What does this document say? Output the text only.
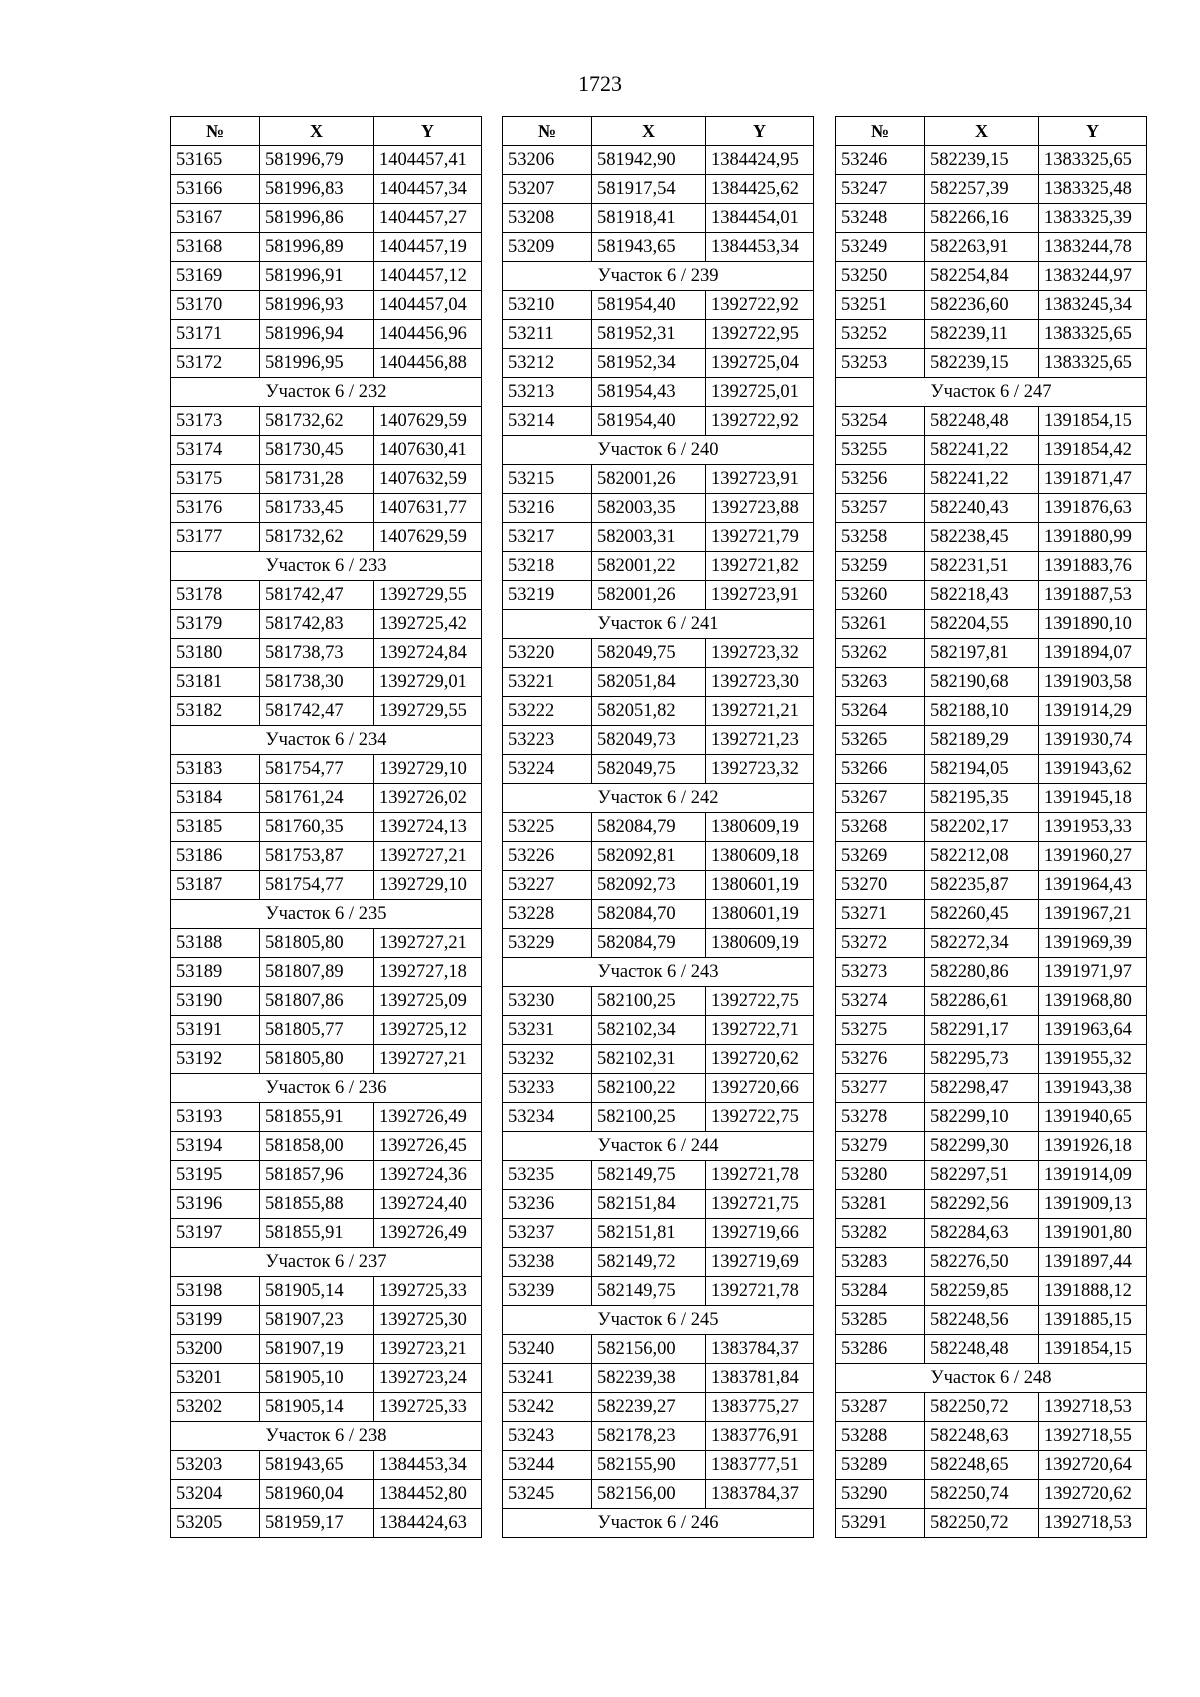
1723
№	X	Y
53165	581996,79	1404457,41
53166	581996,83	1404457,34
53167	581996,86	1404457,27
53168	581996,89	1404457,19
53169	581996,91	1404457,12
53170	581996,93	1404457,04
53171	581996,94	1404456,96
53172	581996,95	1404456,88
Участок 6 / 232		
53173	581732,62	1407629,59
53174	581730,45	1407630,41
53175	581731,28	1407632,59
53176	581733,45	1407631,77
53177	581732,62	1407629,59
Участок 6 / 233		
53178	581742,47	1392729,55
53179	581742,83	1392725,42
53180	581738,73	1392724,84
53181	581738,30	1392729,01
53182	581742,47	1392729,55
Участок 6 / 234		
53183	581754,77	1392729,10
53184	581761,24	1392726,02
53185	581760,35	1392724,13
53186	581753,87	1392727,21
53187	581754,77	1392729,10
Участок 6 / 235		
53188	581805,80	1392727,21
53189	581807,89	1392727,18
53190	581807,86	1392725,09
53191	581805,77	1392725,12
53192	581805,80	1392727,21
Участок 6 / 236		
53193	581855,91	1392726,49
53194	581858,00	1392726,45
53195	581857,96	1392724,36
53196	581855,88	1392724,40
53197	581855,91	1392726,49
Участок 6 / 237		
53198	581905,14	1392725,33
53199	581907,23	1392725,30
53200	581907,19	1392723,21
53201	581905,10	1392723,24
53202	581905,14	1392725,33
Участок 6 / 238		
53203	581943,65	1384453,34
53204	581960,04	1384452,80
53205	581959,17	1384424,63
№	X	Y
53206	581942,90	1384424,95
53207	581917,54	1384425,62
53208	581918,41	1384454,01
53209	581943,65	1384453,34
Участок 6 / 239		
53210	581954,40	1392722,92
53211	581952,31	1392722,95
53212	581952,34	1392725,04
53213	581954,43	1392725,01
53214	581954,40	1392722,92
Участок 6 / 240		
53215	582001,26	1392723,91
53216	582003,35	1392723,88
53217	582003,31	1392721,79
53218	582001,22	1392721,82
53219	582001,26	1392723,91
Участок 6 / 241		
53220	582049,75	1392723,32
53221	582051,84	1392723,30
53222	582051,82	1392721,21
53223	582049,73	1392721,23
53224	582049,75	1392723,32
Участок 6 / 242		
53225	582084,79	1380609,19
53226	582092,81	1380609,18
53227	582092,73	1380601,19
53228	582084,70	1380601,19
53229	582084,79	1380609,19
Участок 6 / 243		
53230	582100,25	1392722,75
53231	582102,34	1392722,71
53232	582102,31	1392720,62
53233	582100,22	1392720,66
53234	582100,25	1392722,75
Участок 6 / 244		
53235	582149,75	1392721,78
53236	582151,84	1392721,75
53237	582151,81	1392719,66
53238	582149,72	1392719,69
53239	582149,75	1392721,78
Участок 6 / 245		
53240	582156,00	1383784,37
53241	582239,38	1383781,84
53242	582239,27	1383775,27
53243	582178,23	1383776,91
53244	582155,90	1383777,51
53245	582156,00	1383784,37
Участок 6 / 246		
№	X	Y
53246	582239,15	1383325,65
53247	582257,39	1383325,48
53248	582266,16	1383325,39
53249	582263,91	1383244,78
53250	582254,84	1383244,97
53251	582236,60	1383245,34
53252	582239,11	1383325,65
53253	582239,15	1383325,65
Участок 6 / 247		
53254	582248,48	1391854,15
53255	582241,22	1391854,42
53256	582241,22	1391871,47
53257	582240,43	1391876,63
53258	582238,45	1391880,99
53259	582231,51	1391883,76
53260	582218,43	1391887,53
53261	582204,55	1391890,10
53262	582197,81	1391894,07
53263	582190,68	1391903,58
53264	582188,10	1391914,29
53265	582189,29	1391930,74
53266	582194,05	1391943,62
53267	582195,35	1391945,18
53268	582202,17	1391953,33
53269	582212,08	1391960,27
53270	582235,87	1391964,43
53271	582260,45	1391967,21
53272	582272,34	1391969,39
53273	582280,86	1391971,97
53274	582286,61	1391968,80
53275	582291,17	1391963,64
53276	582295,73	1391955,32
53277	582298,47	1391943,38
53278	582299,10	1391940,65
53279	582299,30	1391926,18
53280	582297,51	1391914,09
53281	582292,56	1391909,13
53282	582284,63	1391901,80
53283	582276,50	1391897,44
53284	582259,85	1391888,12
53285	582248,56	1391885,15
53286	582248,48	1391854,15
Участок 6 / 248		
53287	582250,72	1392718,53
53288	582248,63	1392718,55
53289	582248,65	1392720,64
53290	582250,74	1392720,62
53291	582250,72	1392718,53
